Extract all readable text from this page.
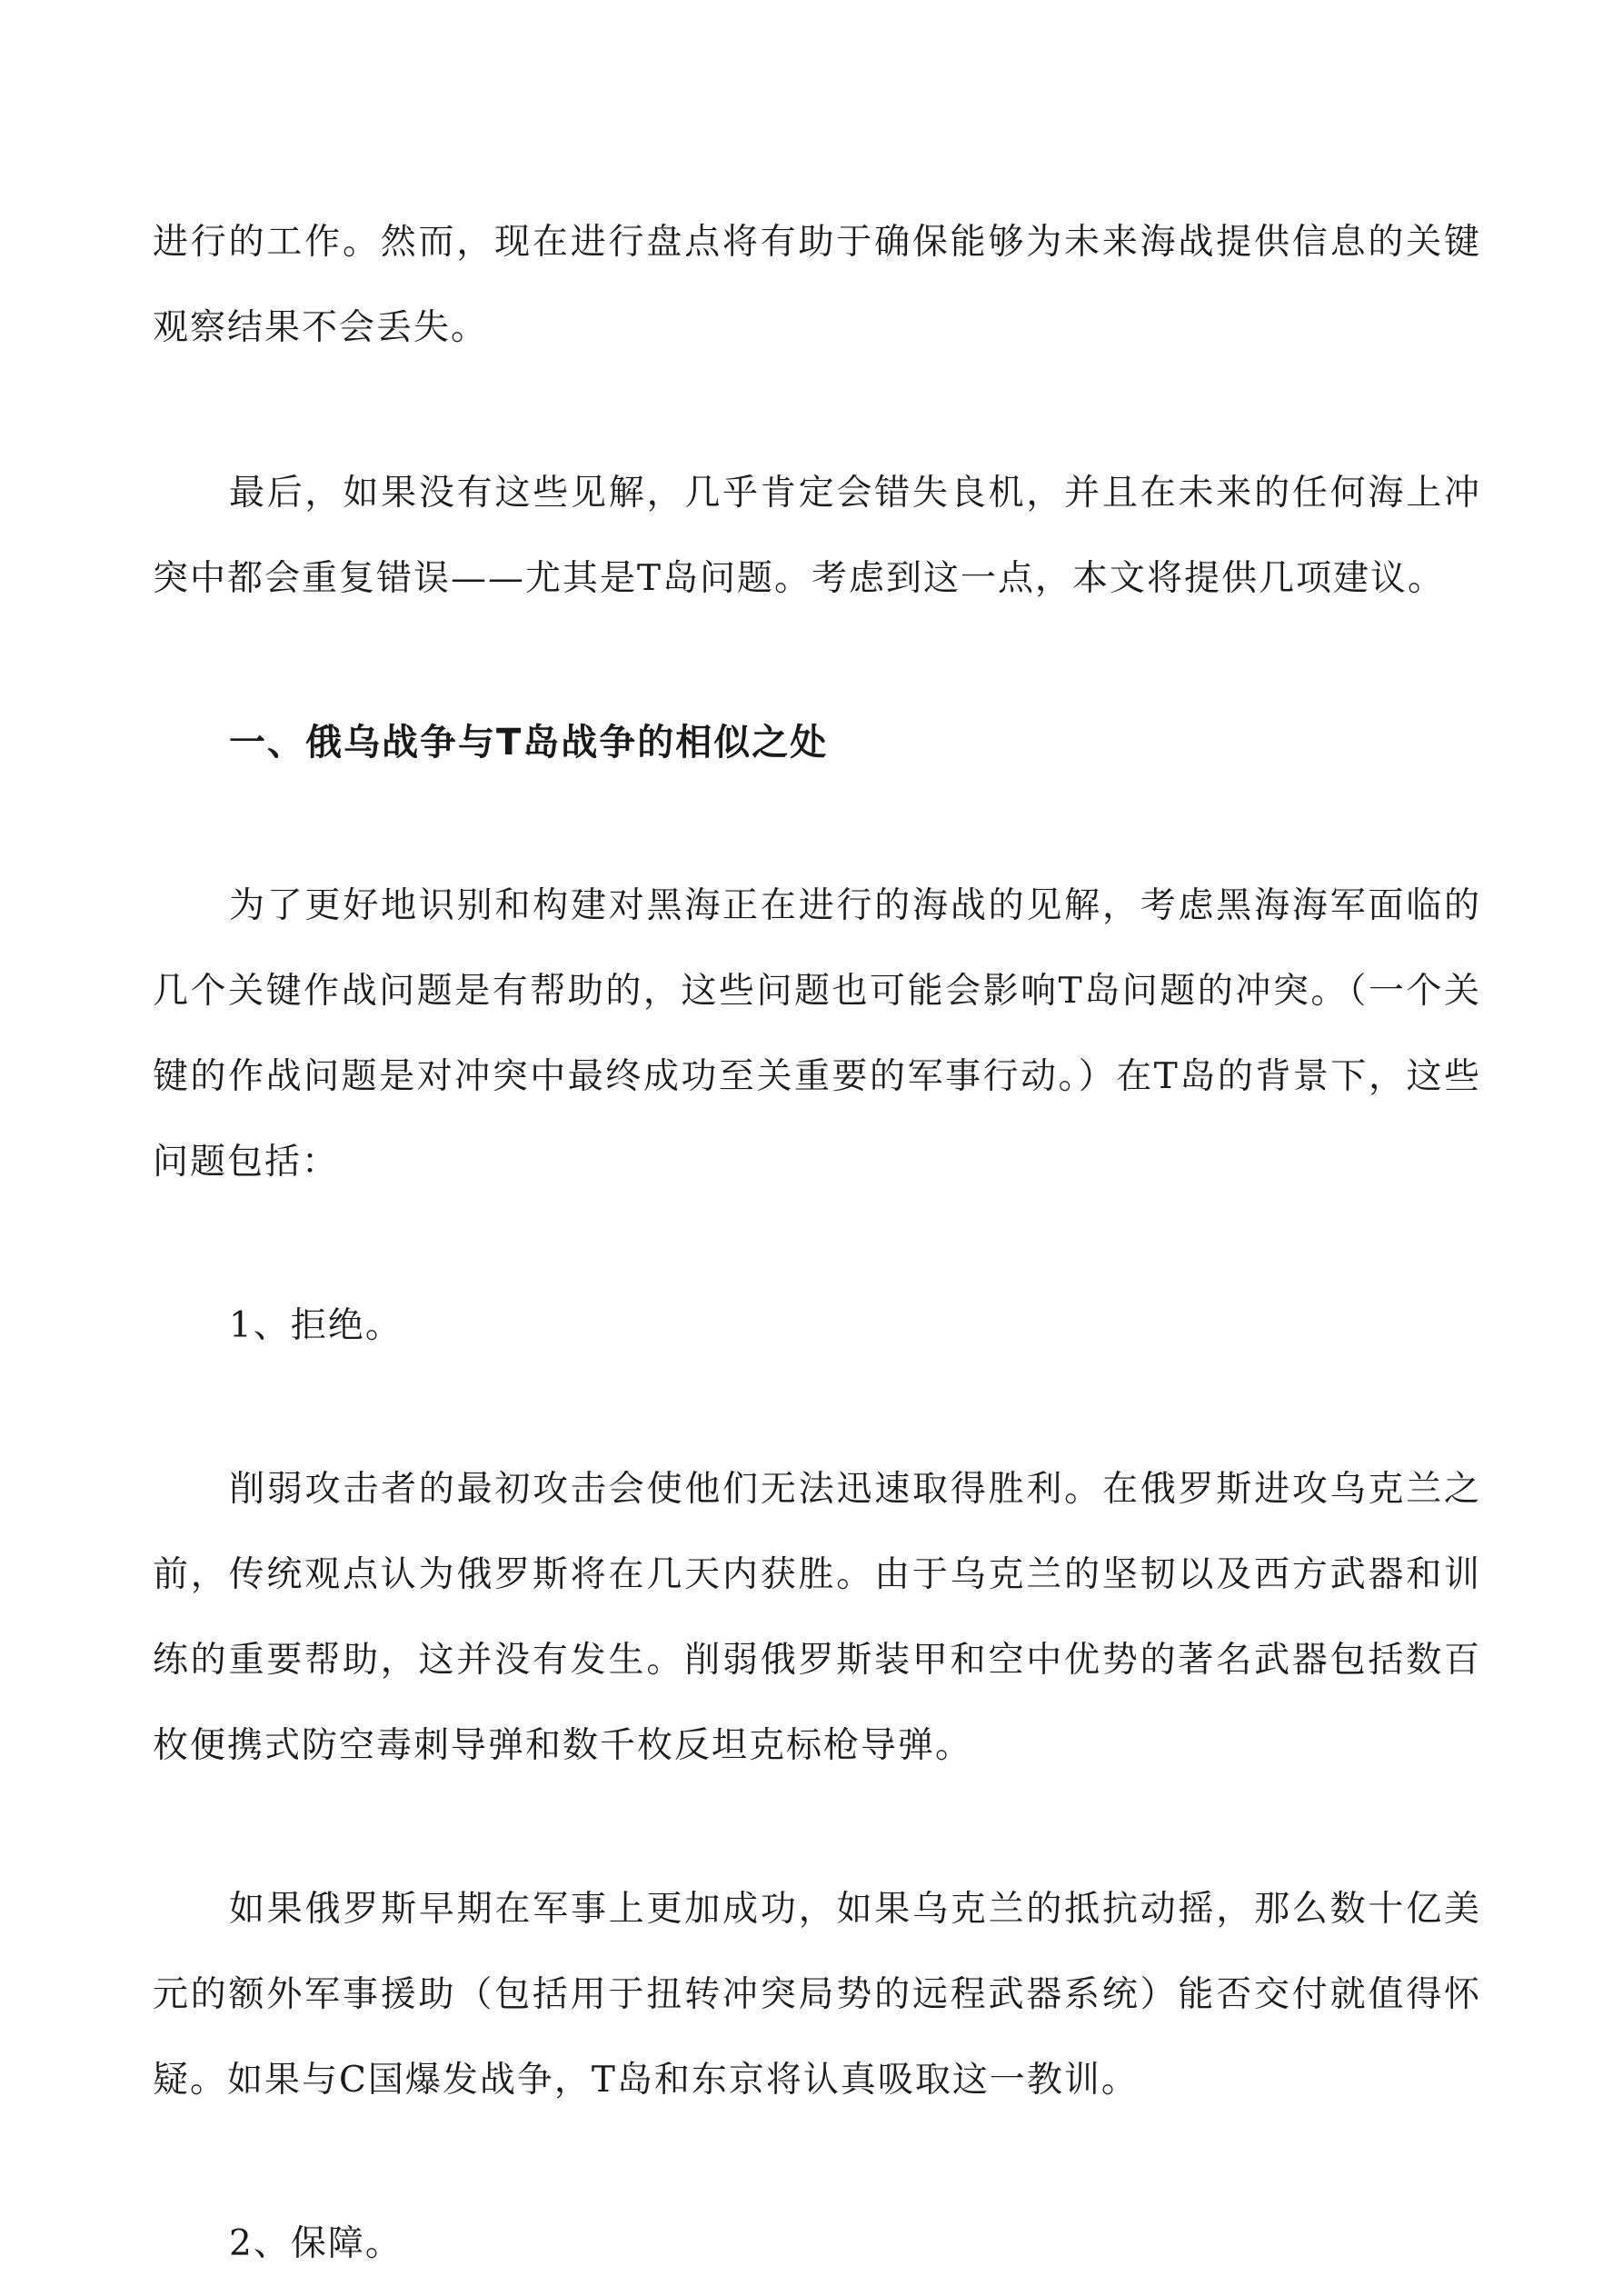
进行的工作。然而，现在进行盘点将有助于确保能够为未来海战提供信息的关键观察结果不会丢失。

最后，如果没有这些见解，几乎肯定会错失良机，并且在未来的任何海上冲突中都会重复错误——尤其是T岛问题。考虑到这一点，本文将提供几项建议。

一、俄乌战争与T岛战争的相似之处

为了更好地识别和构建对黑海正在进行的海战的见解，考虑黑海海军面临的几个关键作战问题是有帮助的，这些问题也可能会影响T岛问题的冲突。（一个关键的作战问题是对冲突中最终成功至关重要的军事行动。）在T岛的背景下，这些问题包括：

1、拒绝。

削弱攻击者的最初攻击会使他们无法迅速取得胜利。在俄罗斯进攻乌克兰之前，传统观点认为俄罗斯将在几天内获胜。由于乌克兰的坚韧以及西方武器和训练的重要帮助，这并没有发生。削弱俄罗斯装甲和空中优势的著名武器包括数百枚便携式防空毒刺导弹和数千枚反坦克标枪导弹。

如果俄罗斯早期在军事上更加成功，如果乌克兰的抵抗动摇，那么数十亿美元的额外军事援助（包括用于扭转冲突局势的远程武器系统）能否交付就值得怀疑。如果与C国爆发战争，T岛和东京将认真吸取这一教训。

2、保障。
